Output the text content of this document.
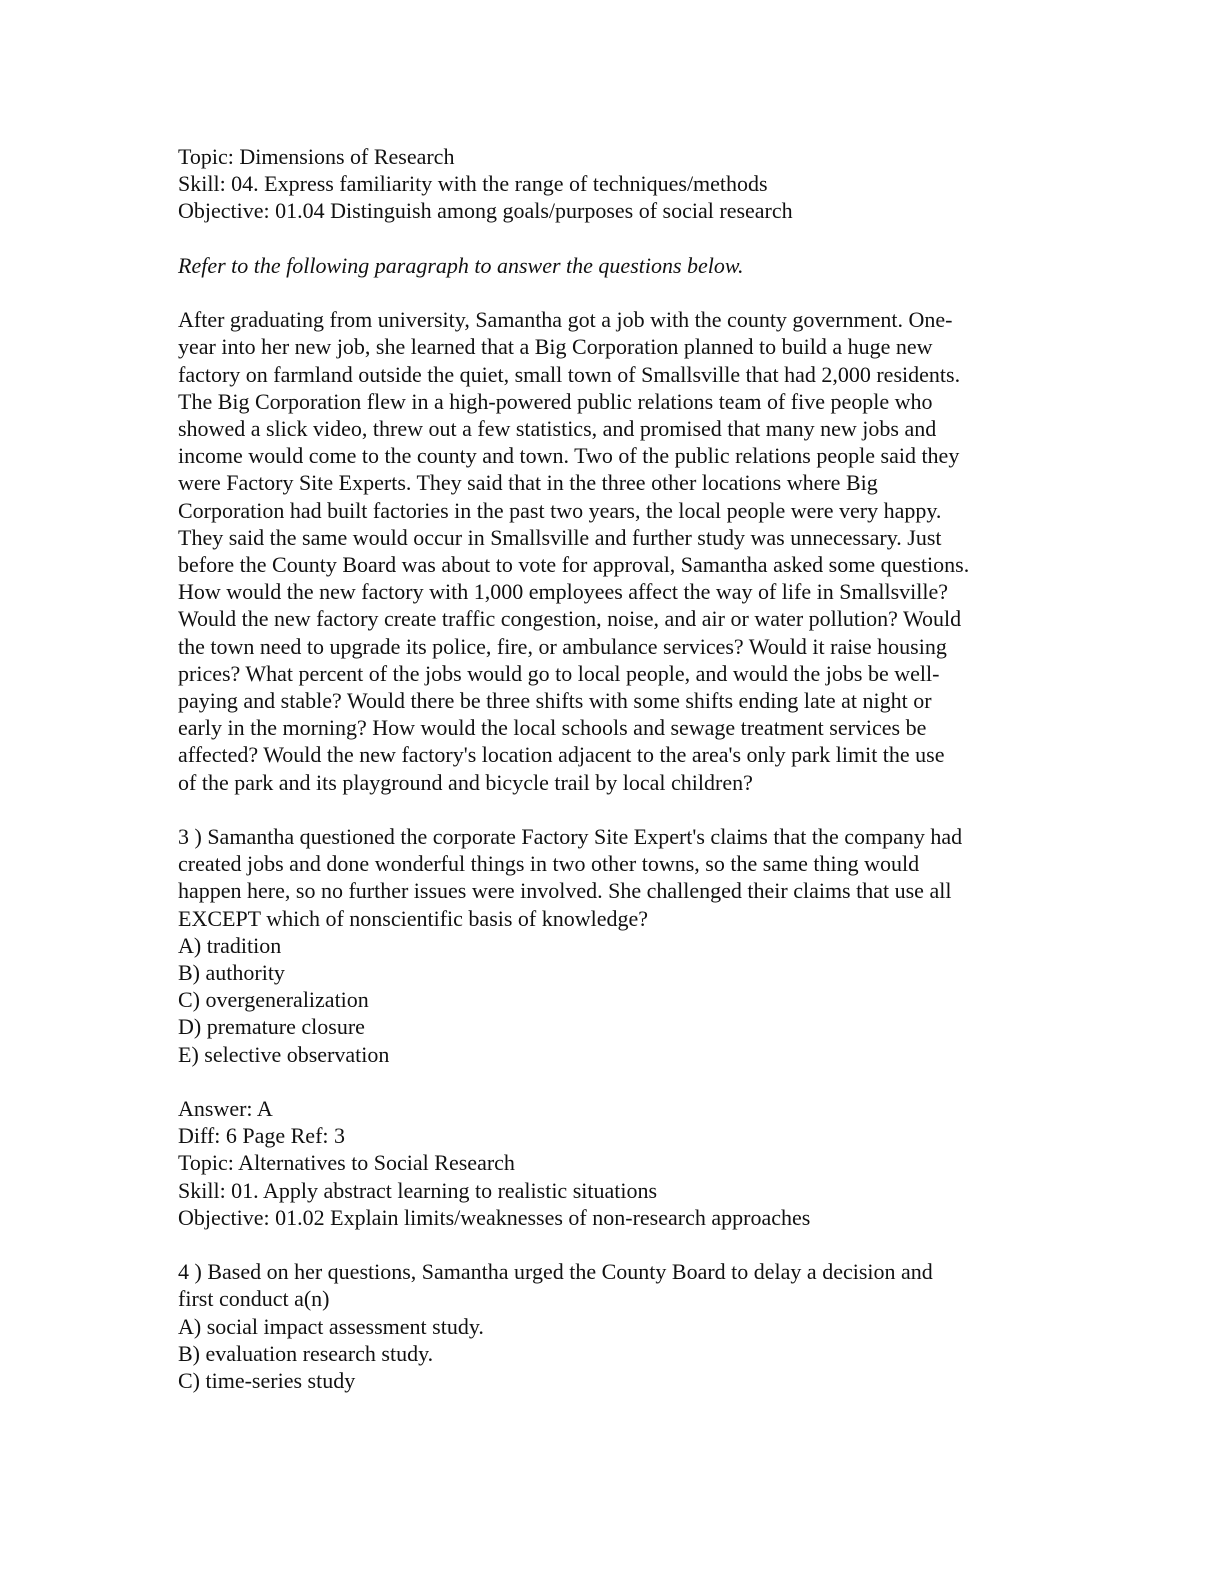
Topic: Dimensions of Research
Skill: 04. Express familiarity with the range of techniques/methods
Objective: 01.04 Distinguish among goals/purposes of social research
Refer to the following paragraph to answer the questions below.
After graduating from university, Samantha got a job with the county government. One-
year into her new job, she learned that a Big Corporation planned to build a huge new
factory on farmland outside the quiet, small town of Smallsville that had 2,000 residents.
The Big Corporation flew in a high-powered public relations team of five people who
showed a slick video, threw out a few statistics, and promised that many new jobs and
income would come to the county and town. Two of the public relations people said they
were Factory Site Experts. They said that in the three other locations where Big
Corporation had built factories in the past two years, the local people were very happy.
They said the same would occur in Smallsville and further study was unnecessary. Just
before the County Board was about to vote for approval, Samantha asked some questions.
How would the new factory with 1,000 employees affect the way of life in Smallsville?
Would the new factory create traffic congestion, noise, and air or water pollution? Would
the town need to upgrade its police, fire, or ambulance services? Would it raise housing
prices? What percent of the jobs would go to local people, and would the jobs be well-
paying and stable? Would there be three shifts with some shifts ending late at night or
early in the morning? How would the local schools and sewage treatment services be
affected? Would the new factory's location adjacent to the area's only park limit the use
of the park and its playground and bicycle trail by local children?
3 ) Samantha questioned the corporate Factory Site Expert's claims that the company had
created jobs and done wonderful things in two other towns, so the same thing would
happen here, so no further issues were involved. She challenged their claims that use all
EXCEPT which of nonscientific basis of knowledge?
A) tradition
B) authority
C) overgeneralization
D) premature closure
E) selective observation
Answer: A
Diff: 6 Page Ref: 3
Topic: Alternatives to Social Research
Skill: 01. Apply abstract learning to realistic situations
Objective: 01.02 Explain limits/weaknesses of non-research approaches
4 ) Based on her questions, Samantha urged the County Board to delay a decision and
first conduct a(n)
A) social impact assessment study.
B) evaluation research study.
C) time-series study
